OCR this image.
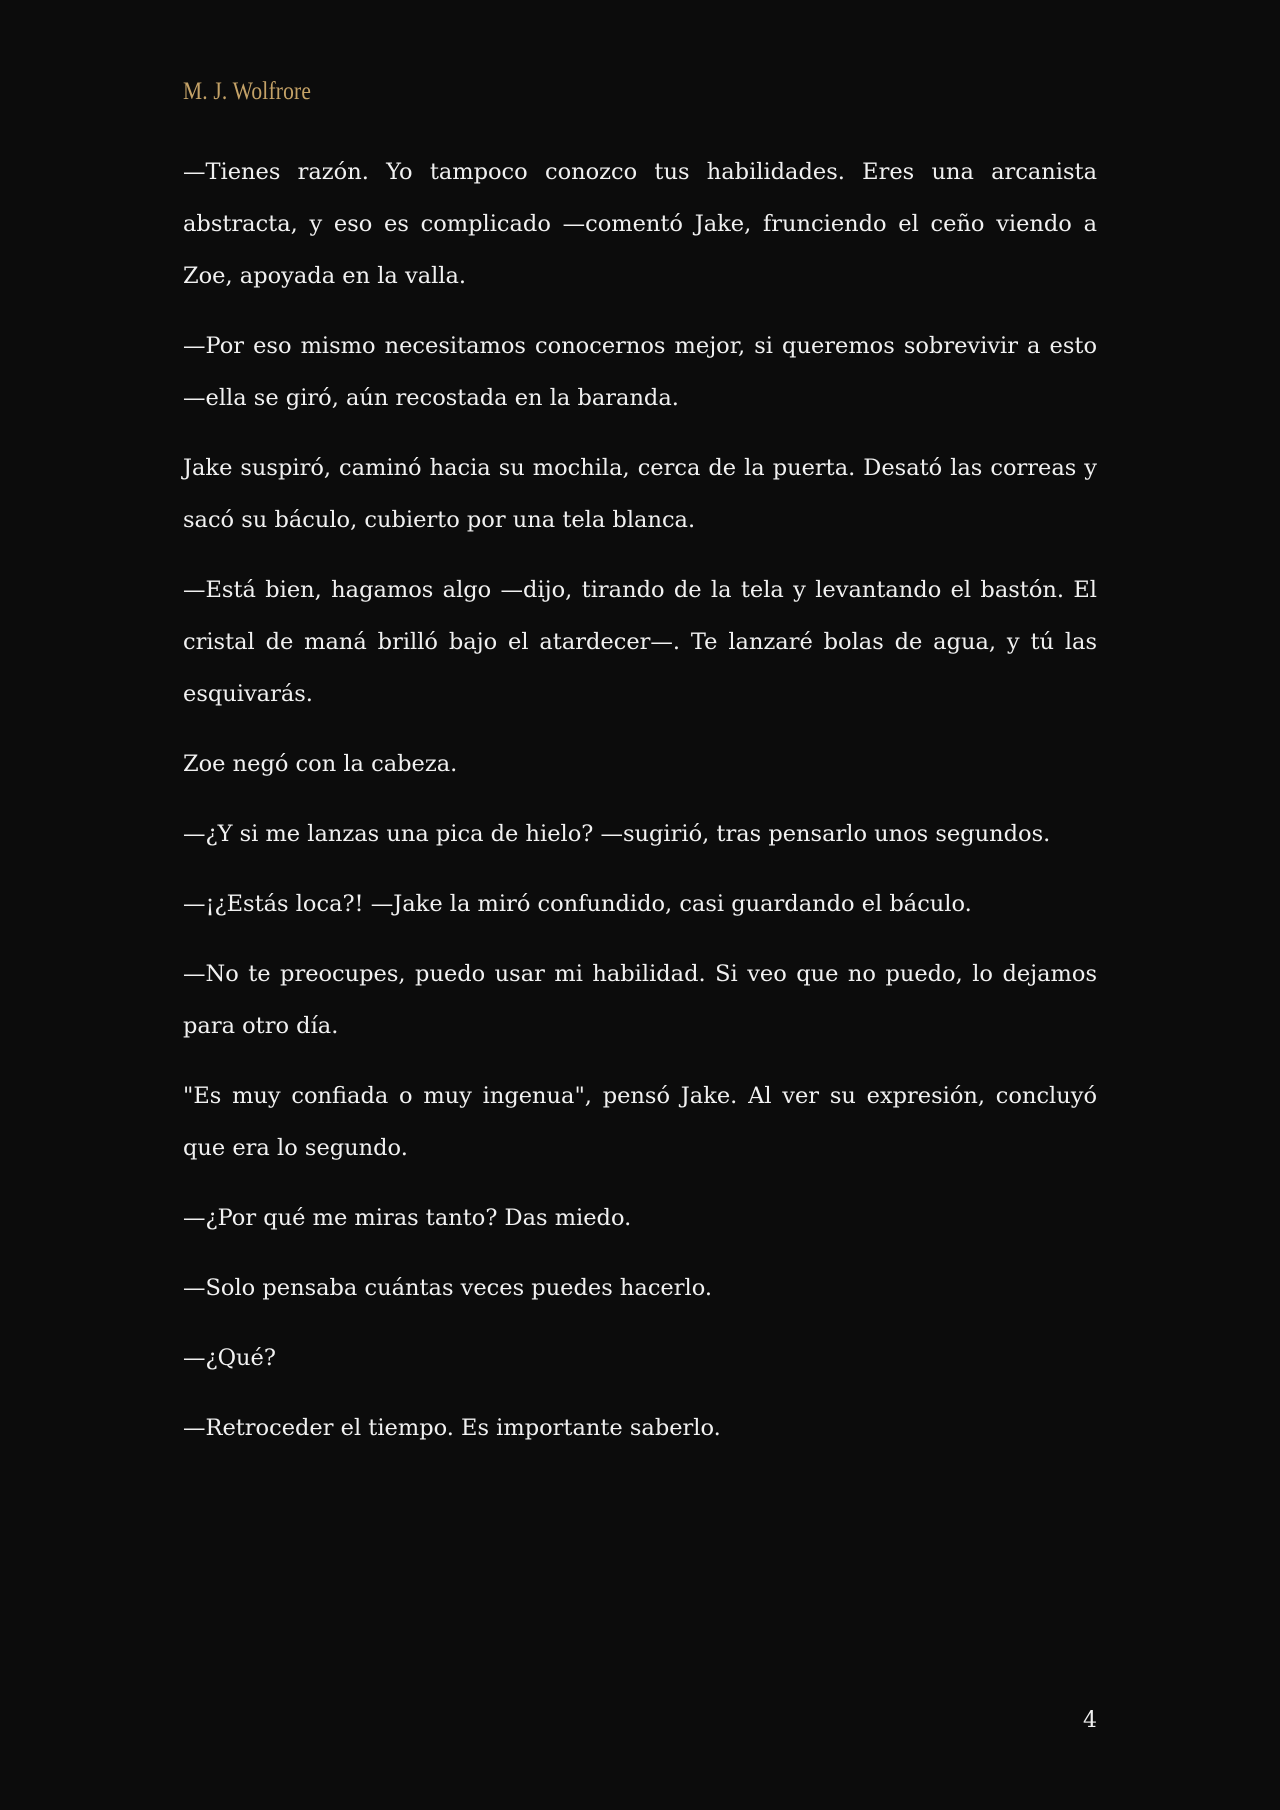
M. J. Wolfrore

—Tienes razón. Yo tampoco conozco tus habilidades. Eres una arcanista abstracta, y eso es complicado —comentó Jake, frunciendo el ceño viendo a Zoe, apoyada en la valla.

—Por eso mismo necesitamos conocernos mejor, si queremos sobrevivir a esto —ella se giró, aún recostada en la baranda.

Jake suspiró, caminó hacia su mochila, cerca de la puerta. Desató las correas y sacó su báculo, cubierto por una tela blanca.

—Está bien, hagamos algo —dijo, tirando de la tela y levantando el bastón. El cristal de maná brilló bajo el atardecer—. Te lanzaré bolas de agua, y tú las esquivarás.

Zoe negó con la cabeza.

—¿Y si me lanzas una pica de hielo? —sugirió, tras pensarlo unos segundos.

—¡¿Estás loca?! —Jake la miró confundido, casi guardando el báculo.

—No te preocupes, puedo usar mi habilidad. Si veo que no puedo, lo dejamos para otro día.

"Es muy confiada o muy ingenua", pensó Jake. Al ver su expresión, concluyó que era lo segundo.

—¿Por qué me miras tanto? Das miedo.

—Solo pensaba cuántas veces puedes hacerlo.

—¿Qué?

—Retroceder el tiempo. Es importante saberlo.

4
